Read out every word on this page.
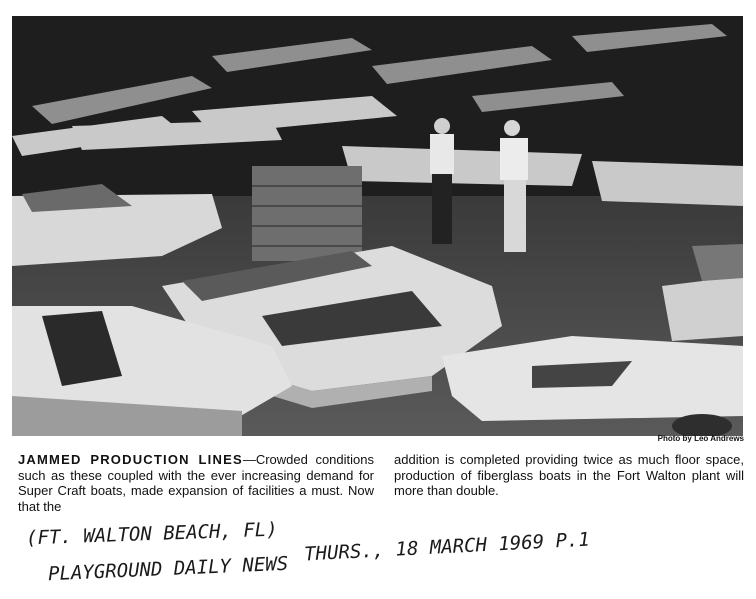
Photo by Leo Andrews
JAMMED PRODUCTION LINES—Crowded conditions such as these coupled with the ever increasing demand for Super Craft boats, made expansion of facilities a must. Now that the
addition is completed providing twice as much floor space, production of fiberglass boats in the Fort Walton plant will more than double.
(FT. WALTON BEACH, FL)
PLAYGROUND DAILY NEWS
THURS., 18 MARCH 1969 P.1
